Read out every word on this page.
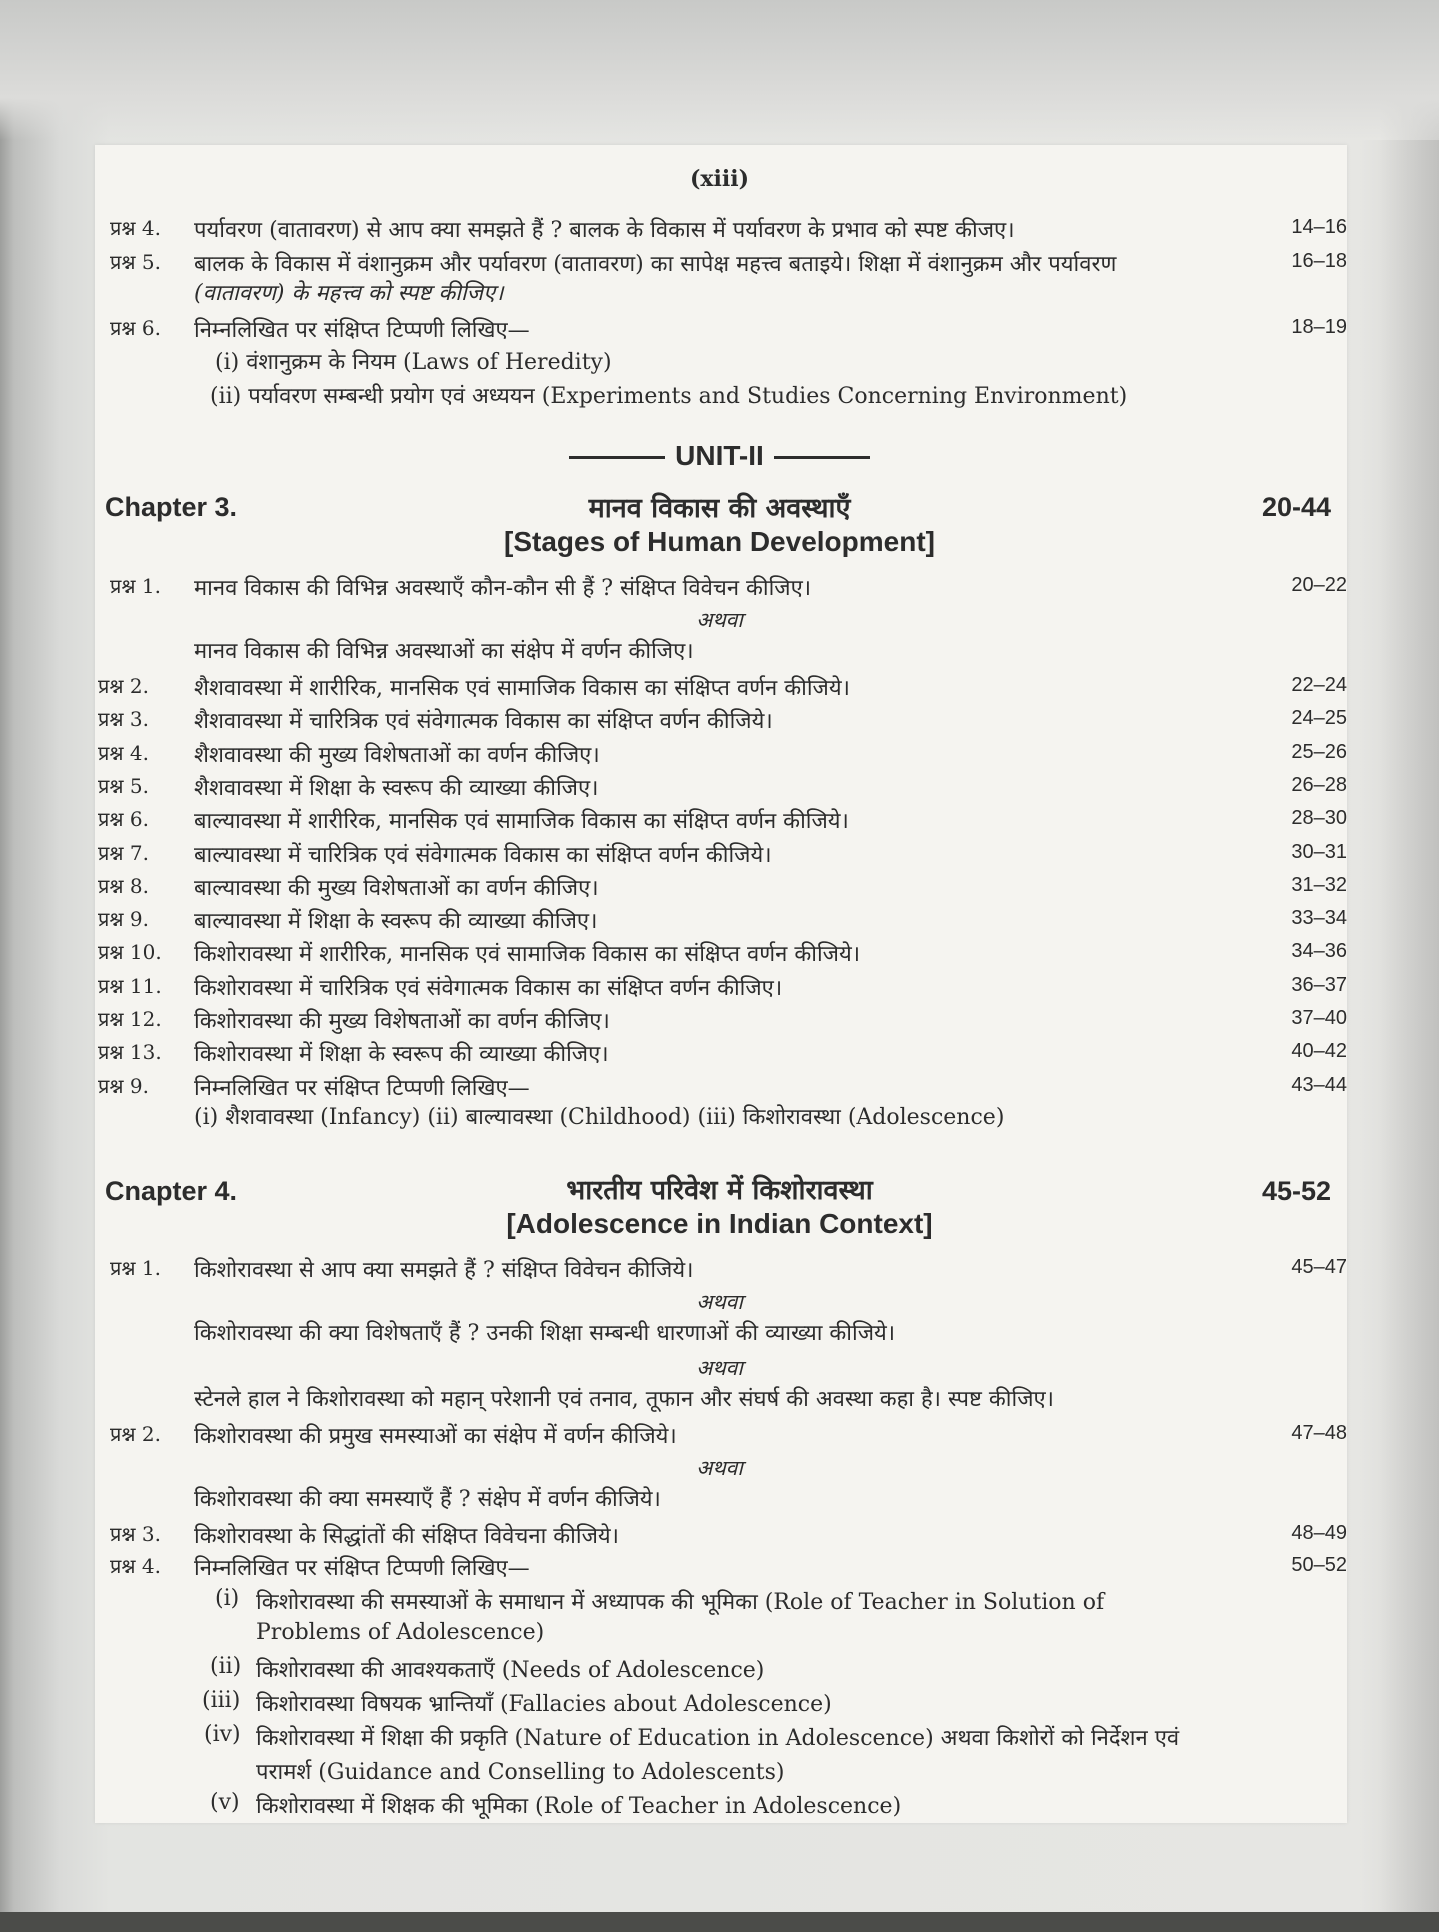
(xiii)
प्रश्न 4. पर्यावरण (वातावरण) से आप क्या समझते हैं ? बालक के विकास में पर्यावरण के प्रभाव को स्पष्ट कीजए।	14–16
प्रश्न 5. बालक के विकास में वंशानुक्रम और पर्यावरण (वातावरण) का सापेक्ष महत्त्व बताइये। शिक्षा में वंशानुक्रम और पर्यावरण	16–18
(वातावरण) के महत्त्व को स्पष्ट कीजिए।
प्रश्न 6. निम्नलिखित पर संक्षिप्त टिप्पणी लिखिए—	18–19
(i) वंशानुक्रम के नियम (Laws of Heredity)
(ii) पर्यावरण सम्बन्धी प्रयोग एवं अध्ययन (Experiments and Studies Concerning Environment)
UNIT-II
Chapter 3.	मानव विकास की अवस्थाएँ	20-44
[Stages of Human Development]
प्रश्न 1. मानव विकास की विभिन्न अवस्थाएँ कौन-कौन सी हैं ? संक्षिप्त विवेचन कीजिए।	20–22
अथवा
मानव विकास की विभिन्न अवस्थाओं का संक्षेप में वर्णन कीजिए।
प्रश्न 2. शैशवावस्था में शारीरिक, मानसिक एवं सामाजिक विकास का संक्षिप्त वर्णन कीजिये।	22–24
प्रश्न 3. शैशवावस्था में चारित्रिक एवं संवेगात्मक विकास का संक्षिप्त वर्णन कीजिये।	24–25
प्रश्न 4. शैशवावस्था की मुख्य विशेषताओं का वर्णन कीजिए।	25–26
प्रश्न 5. शैशवावस्था में शिक्षा के स्वरूप की व्याख्या कीजिए।	26–28
प्रश्न 6. बाल्यावस्था में शारीरिक, मानसिक एवं सामाजिक विकास का संक्षिप्त वर्णन कीजिये।	28–30
प्रश्न 7. बाल्यावस्था में चारित्रिक एवं संवेगात्मक विकास का संक्षिप्त वर्णन कीजिये।	30–31
प्रश्न 8. बाल्यावस्था की मुख्य विशेषताओं का वर्णन कीजिए।	31–32
प्रश्न 9. बाल्यावस्था में शिक्षा के स्वरूप की व्याख्या कीजिए।	33–34
प्रश्न 10. किशोरावस्था में शारीरिक, मानसिक एवं सामाजिक विकास का संक्षिप्त वर्णन कीजिये।	34–36
प्रश्न 11. किशोरावस्था में चारित्रिक एवं संवेगात्मक विकास का संक्षिप्त वर्णन कीजिए।	36–37
प्रश्न 12. किशोरावस्था की मुख्य विशेषताओं का वर्णन कीजिए।	37–40
प्रश्न 13. किशोरावस्था में शिक्षा के स्वरूप की व्याख्या कीजिए।	40–42
प्रश्न 9. निम्नलिखित पर संक्षिप्त टिप्पणी लिखिए—	43–44
(i) शैशवावस्था (Infancy) (ii) बाल्यावस्था (Childhood) (iii) किशोरावस्था (Adolescence)
Cnapter 4.	भारतीय परिवेश में किशोरावस्था	45-52
[Adolescence in Indian Context]
प्रश्न 1. किशोरावस्था से आप क्या समझते हैं ? संक्षिप्त विवेचन कीजिये।	45–47
अथवा
किशोरावस्था की क्या विशेषताएँ हैं ? उनकी शिक्षा सम्बन्धी धारणाओं की व्याख्या कीजिये।
अथवा
स्टेनले हाल ने किशोरावस्था को महान् परेशानी एवं तनाव, तूफान और संघर्ष की अवस्था कहा है। स्पष्ट कीजिए।
प्रश्न 2. किशोरावस्था की प्रमुख समस्याओं का संक्षेप में वर्णन कीजिये।	47–48
अथवा
किशोरावस्था की क्या समस्याएँ हैं ? संक्षेप में वर्णन कीजिये।
प्रश्न 3. किशोरावस्था के सिद्धांतों की संक्षिप्त विवेचना कीजिये।	48–49
प्रश्न 4. निम्नलिखित पर संक्षिप्त टिप्पणी लिखिए—	50–52
(i) किशोरावस्था की समस्याओं के समाधान में अध्यापक की भूमिका (Role of Teacher in Solution of
Problems of Adolescence)
(ii) किशोरावस्था की आवश्यकताएँ (Needs of Adolescence)
(iii) किशोरावस्था विषयक भ्रान्तियाँ (Fallacies about Adolescence)
(iv) किशोरावस्था में शिक्षा की प्रकृति (Nature of Education in Adolescence) अथवा किशोरों को निर्देशन एवं
परामर्श (Guidance and Conselling to Adolescents)
(v) किशोरावस्था में शिक्षक की भूमिका (Role of Teacher in Adolescence)
